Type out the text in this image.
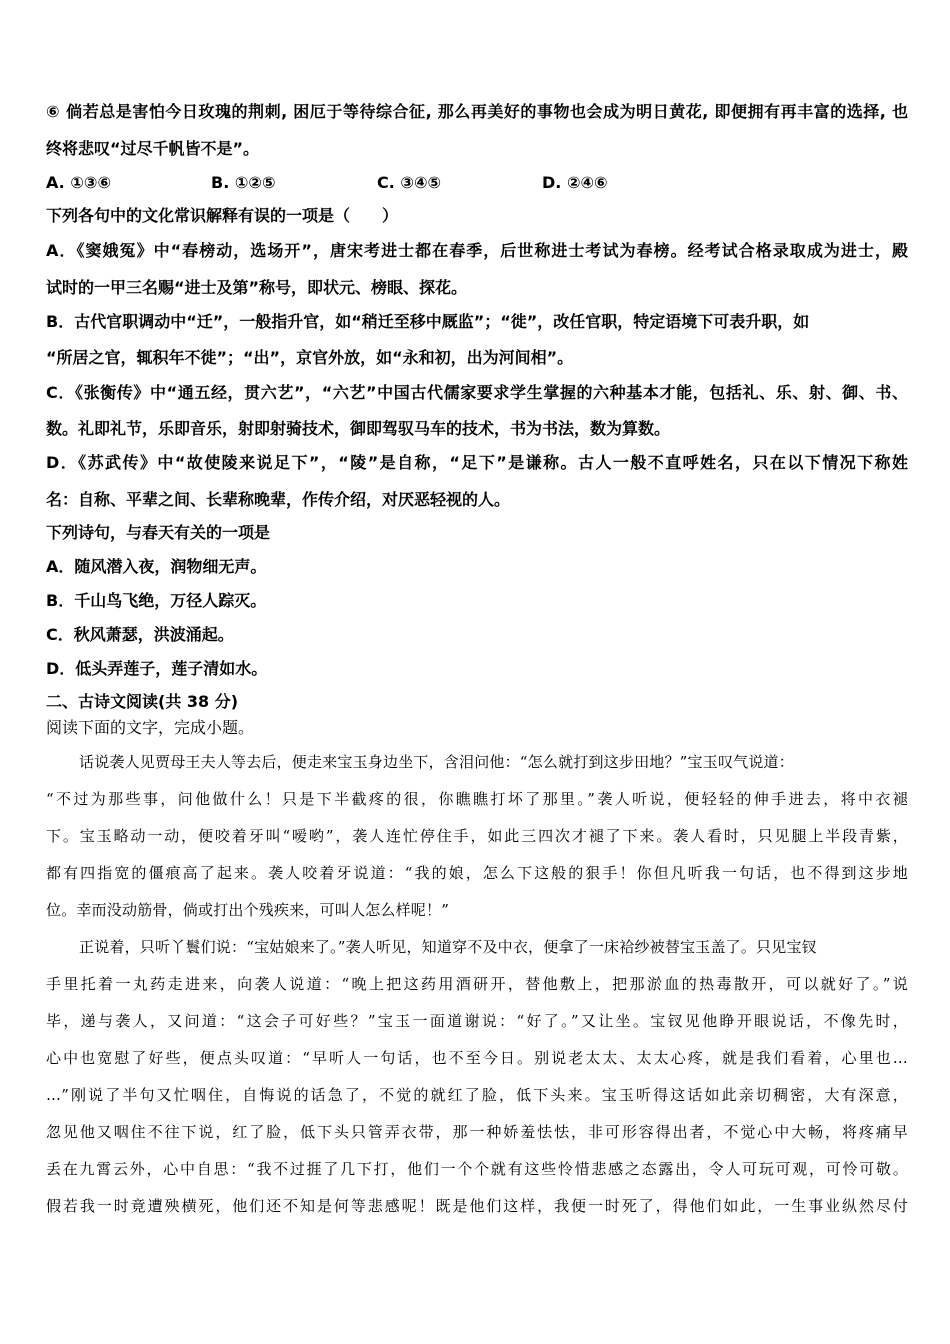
⑥ 倘若总是害怕今日玫瑰的荆刺, 困厄于等待综合征, 那么再美好的事物也会成为明日黄花, 即便拥有再丰富的选择, 也
终将悲叹“过尽千帆皆不是”。
A. ①③⑥	B. ①②⑤	C. ③④⑤	D. ②④⑥
下列各句中的文化常识解释有误的一项是（　　）
A．《窦娥冤》中“春榜动，选场开”，唐宋考进士都在春季，后世称进士考试为春榜。经考试合格录取成为进士，殿
试时的一甲三名赐“进士及第”称号，即状元、榜眼、探花。
B．古代官职调动中“迁”，一般指升官，如“稍迁至移中厩监”；“徙”，改任官职，特定语境下可表升职，如
“所居之官，辄积年不徙”；“出”，京官外放，如“永和初，出为河间相”。
C．《张衡传》中“通五经，贯六艺”，“六艺”中国古代儒家要求学生掌握的六种基本才能，包括礼、乐、射、御、书、
数。礼即礼节，乐即音乐，射即射骑技术，御即驾驭马车的技术，书为书法，数为算数。
D．《苏武传》中“故使陵来说足下”，“陵”是自称，“足下”是谦称。古人一般不直呼姓名，只在以下情况下称姓
名：自称、平辈之间、长辈称晚辈，作传介绍，对厌恶轻视的人。
下列诗句，与春天有关的一项是
A．随风潜入夜，润物细无声。
B．千山鸟飞绝，万径人踪灭。
C．秋风萧瑟，洪波涌起。
D．低头弄莲子，莲子清如水。
二、古诗文阅读(共 38 分)
阅读下面的文字，完成小题。
话说袭人见贾母王夫人等去后，便走来宝玉身边坐下，含泪问他：“怎么就打到这步田地？”宝玉叹气说道：
“不过为那些事，问他做什么！只是下半截疼的很，你瞧瞧打坏了那里。”袭人听说，便轻轻的伸手进去，将中衣褪
下。宝玉略动一动，便咬着牙叫“嗳哟”，袭人连忙停住手，如此三四次才褪了下来。袭人看时，只见腿上半段青紫，
都有四指宽的僵痕高了起来。袭人咬着牙说道：“我的娘，怎么下这般的狠手！你但凡听我一句话，也不得到这步地
位。幸而没动筋骨，倘或打出个残疾来，可叫人怎么样呢！”
正说着，只听丫鬟们说：“宝姑娘来了。”袭人听见，知道穿不及中衣，便拿了一床袷纱被替宝玉盖了。只见宝钗
手里托着一丸药走进来，向袭人说道：“晚上把这药用酒研开，替他敷上，把那淤血的热毒散开，可以就好了。”说
毕，递与袭人，又问道：“这会子可好些？”宝玉一面道谢说：“好了。”又让坐。宝钗见他睁开眼说话，不像先时，
心中也宽慰了好些，便点头叹道：“早听人一句话，也不至今日。别说老太太、太太心疼，就是我们看着，心里也…
…”刚说了半句又忙咽住，自悔说的话急了，不觉的就红了脸，低下头来。宝玉听得这话如此亲切稠密，大有深意，
忽见他又咽住不往下说，红了脸，低下头只管弄衣带，那一种娇羞怯怯，非可形容得出者，不觉心中大畅，将疼痛早
丢在九霄云外，心中自思：“我不过捱了几下打，他们一个个就有这些怜惜悲感之态露出，令人可玩可观，可怜可敬。
假若我一时竟遭殃横死，他们还不知是何等悲感呢！既是他们这样，我便一时死了，得他们如此，一生事业纵然尽付
